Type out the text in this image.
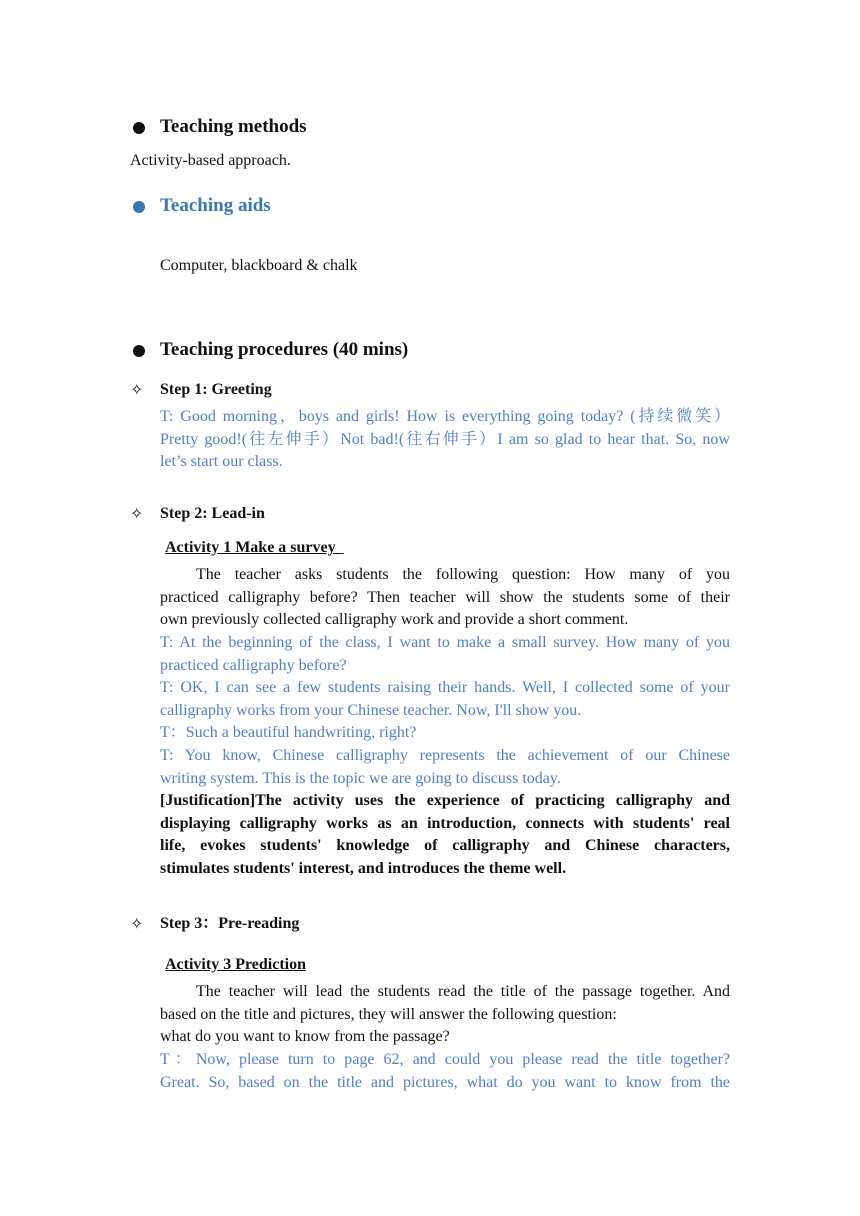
Teaching methods
Activity-based approach.
Teaching aids
Computer, blackboard & chalk
Teaching procedures (40 mins)
✧ Step 1: Greeting
T: Good morning，boys and girls! How is everything going today? (持续微笑）
Pretty good!(往左伸手）Not bad!(往右伸手）I am so glad to hear that. So, now
let’s start our class.
✧ Step 2: Lead-in
Activity 1 Make a survey
The teacher asks students the following question: How many of you
practiced calligraphy before? Then teacher will show the students some of their
own previously collected calligraphy work and provide a short comment.
T: At the beginning of the class, I want to make a small survey. How many of you
practiced calligraphy before?
T: OK, I can see a few students raising their hands. Well, I collected some of your
calligraphy works from your Chinese teacher. Now, I'll show you.
T：Such a beautiful handwriting, right?
T: You know, Chinese calligraphy represents the achievement of our Chinese
writing system. This is the topic we are going to discuss today.
[Justification]The activity uses the experience of practicing calligraphy and
displaying calligraphy works as an introduction, connects with students' real
life, evokes students' knowledge of calligraphy and Chinese characters,
stimulates students' interest, and introduces the theme well.
✧ Step 3：Pre-reading
Activity 3 Prediction
The teacher will lead the students read the title of the passage together. And
based on the title and pictures, they will answer the following question:
what do you want to know from the passage?
T：Now, please turn to page 62, and could you please read the title together?
Great. So, based on the title and pictures, what do you want to know from the
